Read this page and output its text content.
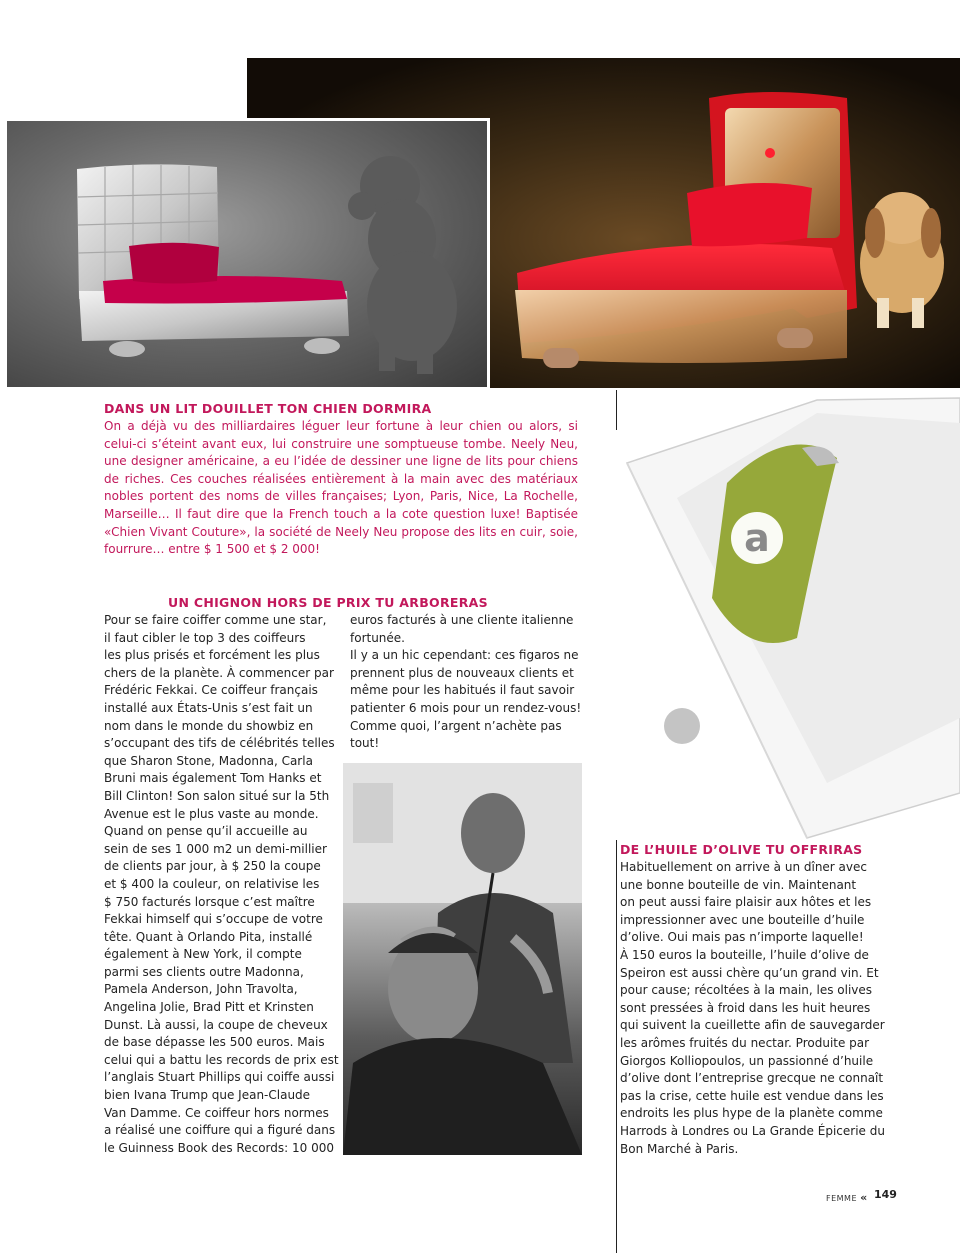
a
DANS UN LIT DOUILLET TON CHIEN DORMIRA

On a déjà vu des milliardaires léguer leur fortune à leur chien ou alors, si celui-ci s’éteint avant eux, lui construire une somptueuse tombe. Neely Neu, une designer américaine, a eu l’idée de dessiner une ligne de lits pour chiens de riches. Ces couches réalisées entièrement à la main avec des matériaux nobles portent des noms de villes françaises; Lyon, Paris, Nice, La Rochelle, Marseille… Il faut dire que la French touch a la cote question luxe! Baptisée «Chien Vivant Couture», la société de Neely Neu propose des lits en cuir, soie, fourrure… entre $ 1 500 et $ 2 000!

UN CHIGNON HORS DE PRIX TU ARBORERAS

Pour se faire coiffer comme une star,

il faut cibler le top 3 des coiffeurs

les plus prisés et forcément les plus

chers de la planète. À commencer par

Frédéric Fekkai. Ce coiffeur français

installé aux États-Unis s’est fait un

nom dans le monde du showbiz en

s’occupant des tifs de célébrités telles

que Sharon Stone, Madonna, Carla

Bruni mais également Tom Hanks et

Bill Clinton! Son salon situé sur la 5th

Avenue est le plus vaste au monde.

Quand on pense qu’il accueille au

sein de ses 1 000 m2 un demi-millier

de clients par jour, à $ 250 la coupe

et $ 400 la couleur, on relativise les

$ 750 facturés lorsque c’est maître

Fekkai himself qui s’occupe de votre

tête. Quant à Orlando Pita, installé

également à New York, il compte

parmi ses clients outre Madonna,

Pamela Anderson, John Travolta,

Angelina Jolie, Brad Pitt et Krinsten

Dunst. Là aussi, la coupe de cheveux

de base dépasse les 500 euros. Mais

celui qui a battu les records de prix est

l’anglais Stuart Phillips qui coiffe aussi

bien Ivana Trump que Jean-Claude

Van Damme. Ce coiffeur hors normes

a réalisé une coiffure qui a figuré dans

le Guinness Book des Records: 10 000

euros facturés à une cliente italienne

fortunée.

Il y a un hic cependant: ces figaros ne

prennent plus de nouveaux clients et

même pour les habitués il faut savoir

patienter 6 mois pour un rendez-vous!

Comme quoi, l’argent n’achète pas

tout!

DE L’HUILE D’OLIVE TU OFFRIRAS

Habituellement on arrive à un dîner avec

une bonne bouteille de vin. Maintenant

on peut aussi faire plaisir aux hôtes et les

impressionner avec une bouteille d’huile

d’olive. Oui mais pas n’importe laquelle!

À 150 euros la bouteille, l’huile d’olive de

Speiron est aussi chère qu’un grand vin. Et

pour cause; récoltées à la main, les olives

sont pressées à froid dans les huit heures

qui suivent la cueillette afin de sauvegarder

les arômes fruités du nectar. Produite par

Giorgos Kolliopoulos, un passionné d’huile

d’olive dont l’entreprise grecque ne connaît

pas la crise, cette huile est vendue dans les

endroits les plus hype de la planète comme

Harrods à Londres ou La Grande Épicerie du

Bon Marché à Paris.

FEMME « 149
